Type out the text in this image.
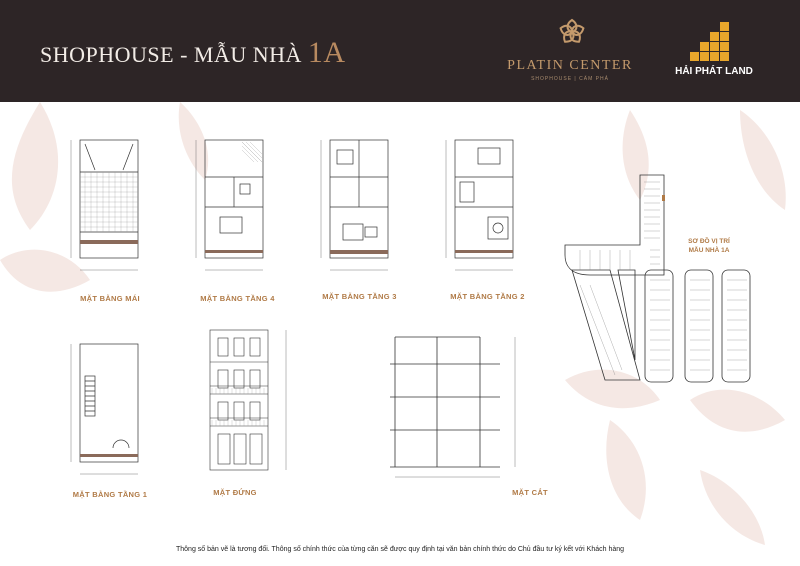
SHOPHOUSE - MẪU NHÀ 1A	PLATIN CENTER
SHOPHOUSE | CẨM PHẢ
HẢI PHÁT LAND
MẶT BẰNG MÁI	MẶT BẰNG TẦNG 4	MẶT BẰNG TẦNG 3	MẶT BẰNG TẦNG 2
MẶT BẰNG TẦNG 1	MẶT ĐỨNG	MẶT CẮT
SƠ ĐỒ VỊ TRÍ
MẪU NHÀ 1A
Thông số bản vẽ là tương đối. Thông số chính thức của từng căn sẽ được quy định tại văn bản chính thức do Chủ đầu tư ký kết với Khách hàng
